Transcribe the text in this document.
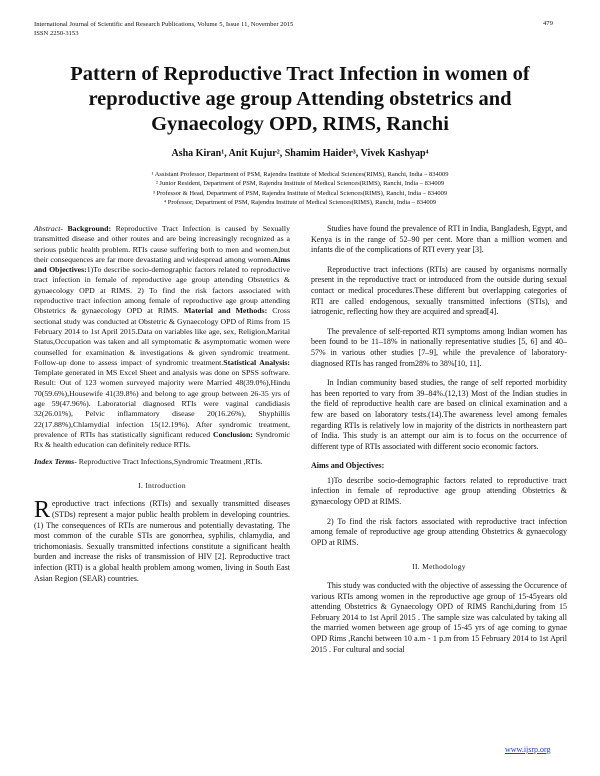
International Journal of Scientific and Research Publications, Volume 5, Issue 11, November 2015
ISSN 2250-3153
479
Pattern of Reproductive Tract Infection in women of reproductive age group Attending obstetrics and Gynaecology OPD, RIMS, Ranchi
Asha Kiran¹, Anit Kujur², Shamim Haider³, Vivek Kashyap⁴
¹ Assistant Professor, Department of PSM, Rajendra Institute of Medical Sciences(RIMS), Ranchi, India – 834009
² Junior Resident, Department of PSM, Rajendra Institute of Medical Sciences(RIMS), Ranchi, India – 834009
³ Professor & Head, Department of PSM, Rajendra Institute of Medical Sciences(RIMS), Ranchi, India – 834009
⁴ Professor, Department of PSM, Rajendra Institute of Medical Sciences(RIMS), Ranchi, India – 834009
Abstract- Background: Reproductive Tract Infection is caused by Sexually transmitted disease and other routes and are being increasingly recognized as a serious public health problem. RTIs cause suffering both to men and women,but their consequences are far more devastating and widespread among women.Aims and Objectives:1)To describe socio-demographic factors related to reproductive tract infection in female of reproductive age group attending Obstetrics & gynaecology OPD at RIMS. 2) To find the risk factors associated with reproductive tract infection among female of reproductive age group attending Obstetrics & gynaecology OPD at RIMS. Material and Methods: Cross sectional study was conducted at Obstetric & Gynaecology OPD of Rims from 15 February 2014 to 1st April 2015.Data on variables like age, sex, Religion,Marital Status,Occupation was taken and all symptomatic & asymptomatic women were counselled for examination & investigations & given syndromic treatment. Follow-up done to assess impact of syndromic treatment.Statistical Analysis: Template generated in MS Excel Sheet and analysis was done on SPSS software. Result: Out of 123 women surveyed majority were Married 48(39.0%),Hindu 70(59.6%),Housewife 41(39.8%) and belong to age group between 26-35 yrs of age 59(47.96%). Laboratorial diagnosed RTIs were vaginal candidiasis 32(26.01%), Pelvic inflammatory disease 20(16.26%), Shyphillis 22(17.88%),Chlamydial infection 15(12.19%). After syndromic treatment, prevalence of RTIs has statistically significant reduced Conclusion: Syndromic Rx & health education can definitely reduce RTIs.
Index Terms- Reproductive Tract Infections,Syndromic Treatment ,RTIs.
I. Introduction

Reproductive tract infections (RTIs) and sexually transmitted diseases (STDs) represent a major public health problem in developing countries.(1) The consequences of RTIs are numerous and potentially devastating. The most common of the curable STIs are gonorrhea, syphilis, chlamydia, and trichomoniasis. Sexually transmitted infections constitute a significant health burden and increase the risks of transmission of HIV [2]. Reproductive tract infection (RTI) is a global health problem among women, living in South East Asian Region (SEAR) countries.

Studies have found the prevalence of RTI in India, Bangladesh, Egypt, and Kenya is in the range of 52–90 per cent. More than a million women and infants die of the complications of RTI every year [3].

Reproductive tract infections (RTIs) are caused by organisms normally present in the reproductive tract or introduced from the outside during sexual contact or medical procedures.These different but overlapping categories of RTI are called endogenous, sexually transmitted infections (STIs), and iatrogenic, reflecting how they are acquired and spread[4].

The prevalence of self-reported RTI symptoms among Indian women has been found to be 11–18% in nationally representative studies [5, 6] and 40–57% in various other studies [7–9], while the prevalence of laboratory-diagnosed RTIs has ranged from28% to 38%[10, 11].

In Indian community based studies, the range of self reported morbidity has been reported to vary from 39–84%.(12,13) Most of the Indian studies in the field of reproductive health care are based on clinical examination and a few are based on laboratory tests.(14).The awareness level among females regarding RTIs is relatively low in majority of the districts in northeastern part of India. This study is an attempt our aim is to focus on the occurrence of different type of RTIs associated with different socio economic factors.

Aims and Objectives:

1)To describe socio-demographic factors related to reproductive tract infection in female of reproductive age group attending Obstetrics & gynaecology OPD at RIMS.

2) To find the risk factors associated with reproductive tract infection among female of reproductive age group attending Obstetrics & gynaecology OPD at RIMS.

II. Methodology

This study was conducted with the objective of assessing the Occurence of various RTIs among women in the reproductive age group of 15-45years old attending Obstetrics & Gynaecology OPD of RIMS Ranchi,during from 15 February 2014 to 1st April 2015 . The sample size was calculated by taking all the married women between age group of 15-45 yrs of age coming to gynae OPD Rims ,Ranchi between 10 a.m - 1 p.m from 15 February 2014 to 1st April 2015 . For cultural and social

www.ijsrp.org
